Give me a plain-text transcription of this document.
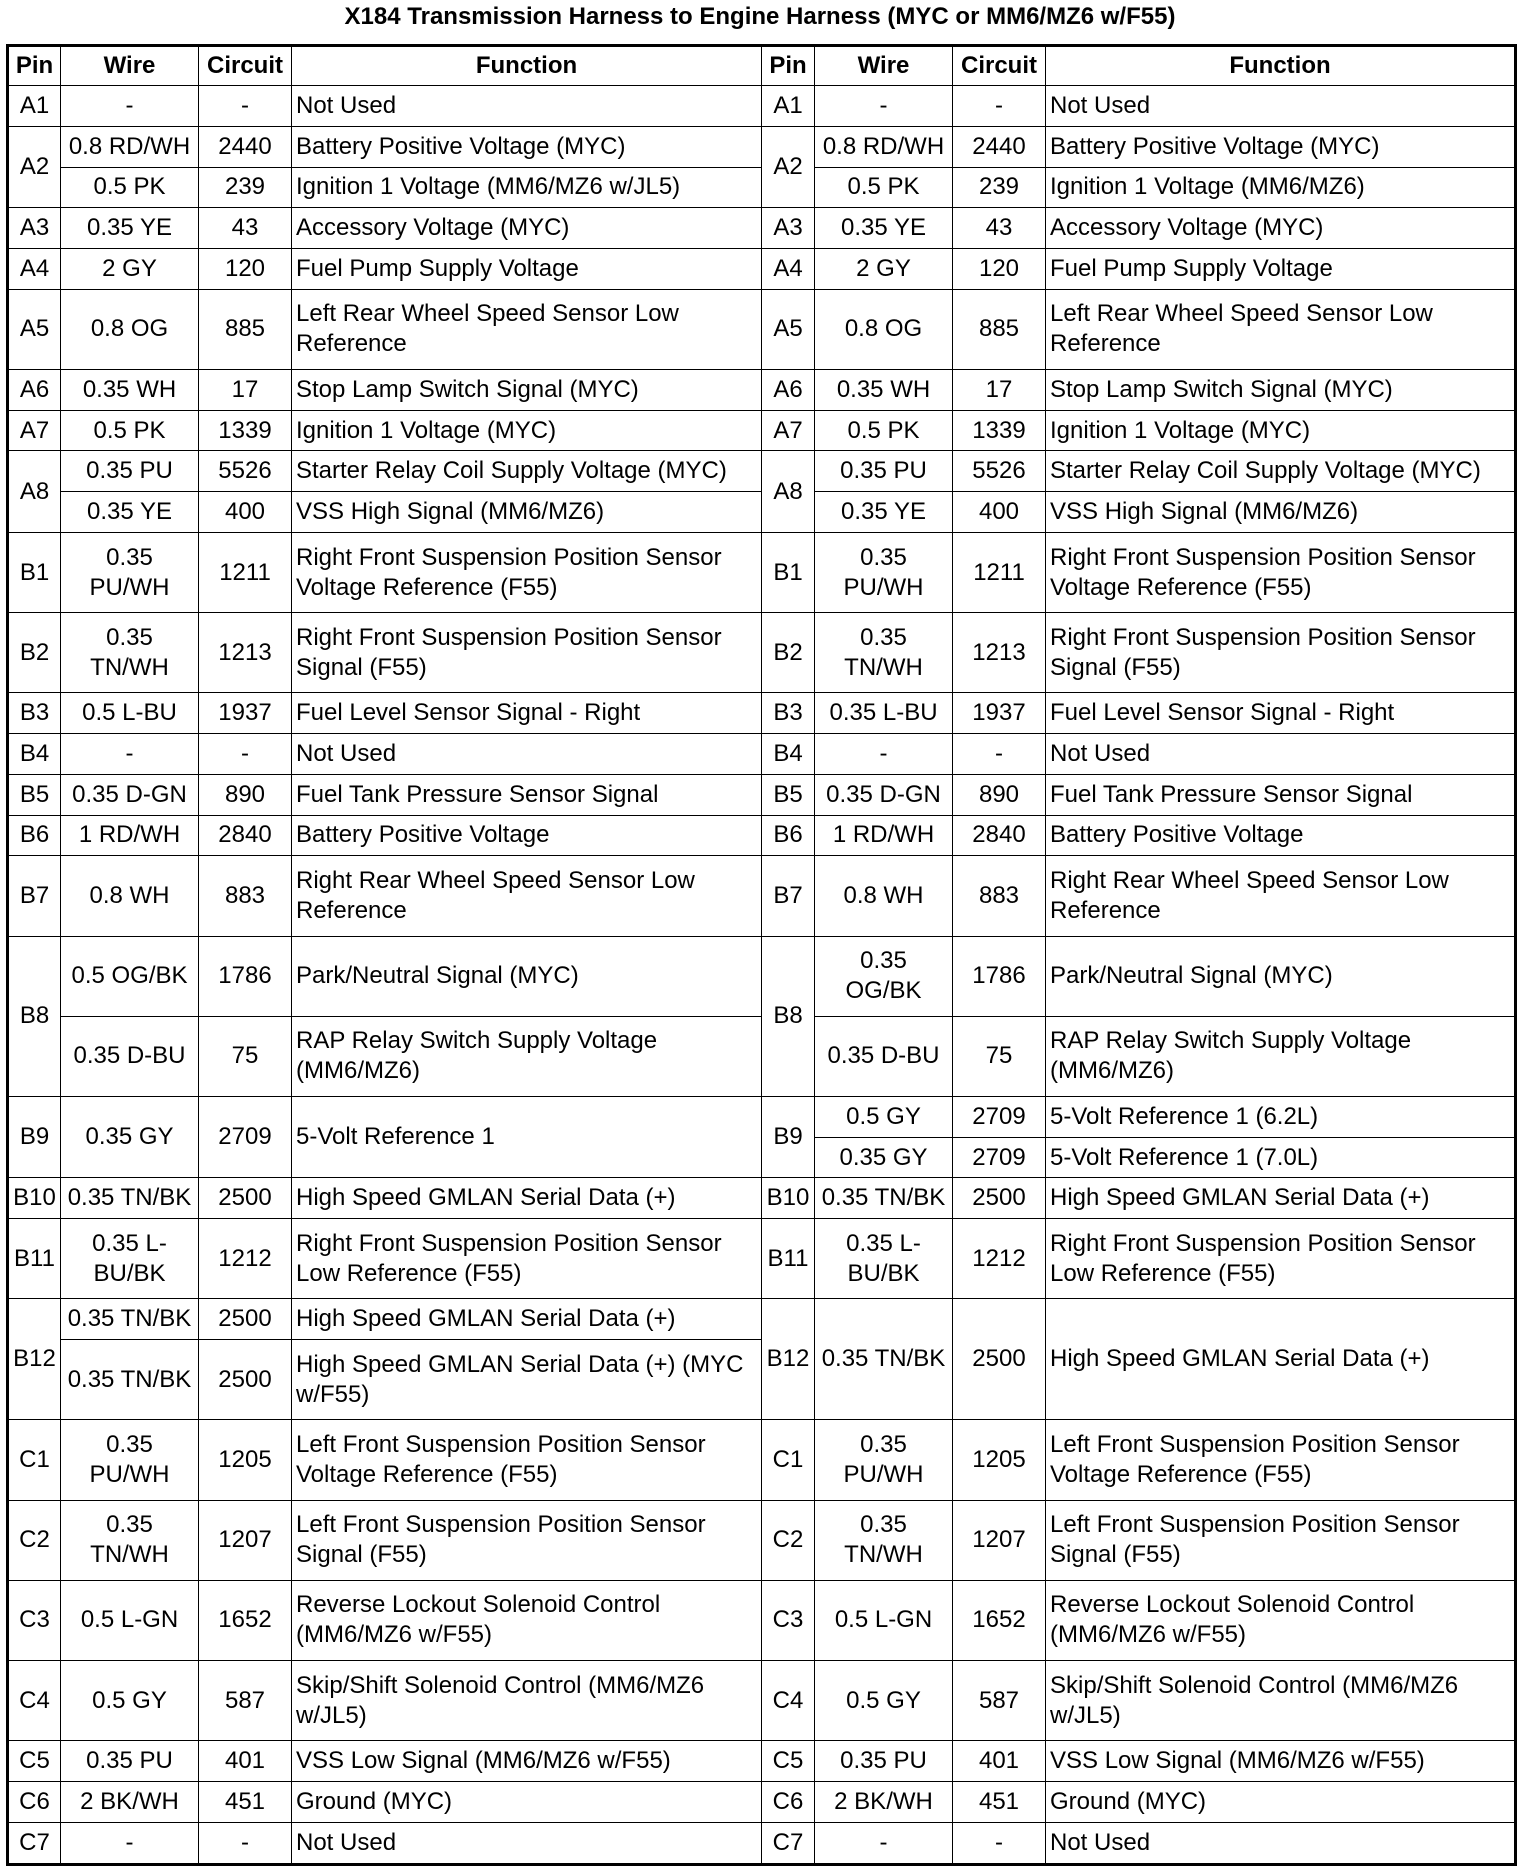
X184 Transmission Harness to Engine Harness (MYC or MM6/MZ6 w/F55)
Pin	Wire	Circuit	Function	Pin	Wire	Circuit	Function
A1	-	-	Not Used	A1	-	-	Not Used
A2	0.8 RD/WH	2440	Battery Positive Voltage (MYC)	A2	0.8 RD/WH	2440	Battery Positive Voltage (MYC)
	0.5 PK	239	Ignition 1 Voltage (MM6/MZ6 w/JL5)		0.5 PK	239	Ignition 1 Voltage (MM6/MZ6)
A3	0.35 YE	43	Accessory Voltage (MYC)	A3	0.35 YE	43	Accessory Voltage (MYC)
A4	2 GY	120	Fuel Pump Supply Voltage	A4	2 GY	120	Fuel Pump Supply Voltage
A5	0.8 OG	885	Left Rear Wheel Speed Sensor Low Reference	A5	0.8 OG	885	Left Rear Wheel Speed Sensor Low Reference
A6	0.35 WH	17	Stop Lamp Switch Signal (MYC)	A6	0.35 WH	17	Stop Lamp Switch Signal (MYC)
A7	0.5 PK	1339	Ignition 1 Voltage (MYC)	A7	0.5 PK	1339	Ignition 1 Voltage (MYC)
A8	0.35 PU	5526	Starter Relay Coil Supply Voltage (MYC)	A8	0.35 PU	5526	Starter Relay Coil Supply Voltage (MYC)
	0.35 YE	400	VSS High Signal (MM6/MZ6)		0.35 YE	400	VSS High Signal (MM6/MZ6)
B1	0.35 PU/WH	1211	Right Front Suspension Position Sensor Voltage Reference (F55)	B1	0.35 PU/WH	1211	Right Front Suspension Position Sensor Voltage Reference (F55)
B2	0.35 TN/WH	1213	Right Front Suspension Position Sensor Signal (F55)	B2	0.35 TN/WH	1213	Right Front Suspension Position Sensor Signal (F55)
B3	0.5 L-BU	1937	Fuel Level Sensor Signal - Right	B3	0.35 L-BU	1937	Fuel Level Sensor Signal - Right
B4	-	-	Not Used	B4	-	-	Not Used
B5	0.35 D-GN	890	Fuel Tank Pressure Sensor Signal	B5	0.35 D-GN	890	Fuel Tank Pressure Sensor Signal
B6	1 RD/WH	2840	Battery Positive Voltage	B6	1 RD/WH	2840	Battery Positive Voltage
B7	0.8 WH	883	Right Rear Wheel Speed Sensor Low Reference	B7	0.8 WH	883	Right Rear Wheel Speed Sensor Low Reference
B8	0.5 OG/BK	1786	Park/Neutral Signal (MYC)	B8	0.35 OG/BK	1786	Park/Neutral Signal (MYC)
	0.35 D-BU	75	RAP Relay Switch Supply Voltage (MM6/MZ6)		0.35 D-BU	75	RAP Relay Switch Supply Voltage (MM6/MZ6)
B9	0.35 GY	2709	5-Volt Reference 1	B9	0.5 GY	2709	5-Volt Reference 1 (6.2L)
					0.35 GY	2709	5-Volt Reference 1 (7.0L)
B10	0.35 TN/BK	2500	High Speed GMLAN Serial Data (+)	B10	0.35 TN/BK	2500	High Speed GMLAN Serial Data (+)
B11	0.35 L-BU/BK	1212	Right Front Suspension Position Sensor Low Reference (F55)	B11	0.35 L-BU/BK	1212	Right Front Suspension Position Sensor Low Reference (F55)
B12	0.35 TN/BK	2500	High Speed GMLAN Serial Data (+)	B12	0.35 TN/BK	2500	High Speed GMLAN Serial Data (+)
	0.35 TN/BK	2500	High Speed GMLAN Serial Data (+) (MYC w/F55)				
C1	0.35 PU/WH	1205	Left Front Suspension Position Sensor Voltage Reference (F55)	C1	0.35 PU/WH	1205	Left Front Suspension Position Sensor Voltage Reference (F55)
C2	0.35 TN/WH	1207	Left Front Suspension Position Sensor Signal (F55)	C2	0.35 TN/WH	1207	Left Front Suspension Position Sensor Signal (F55)
C3	0.5 L-GN	1652	Reverse Lockout Solenoid Control (MM6/MZ6 w/F55)	C3	0.5 L-GN	1652	Reverse Lockout Solenoid Control (MM6/MZ6 w/F55)
C4	0.5 GY	587	Skip/Shift Solenoid Control (MM6/MZ6 w/JL5)	C4	0.5 GY	587	Skip/Shift Solenoid Control (MM6/MZ6 w/JL5)
C5	0.35 PU	401	VSS Low Signal (MM6/MZ6 w/F55)	C5	0.35 PU	401	VSS Low Signal (MM6/MZ6 w/F55)
C6	2 BK/WH	451	Ground (MYC)	C6	2 BK/WH	451	Ground (MYC)
C7	-	-	Not Used	C7	-	-	Not Used
